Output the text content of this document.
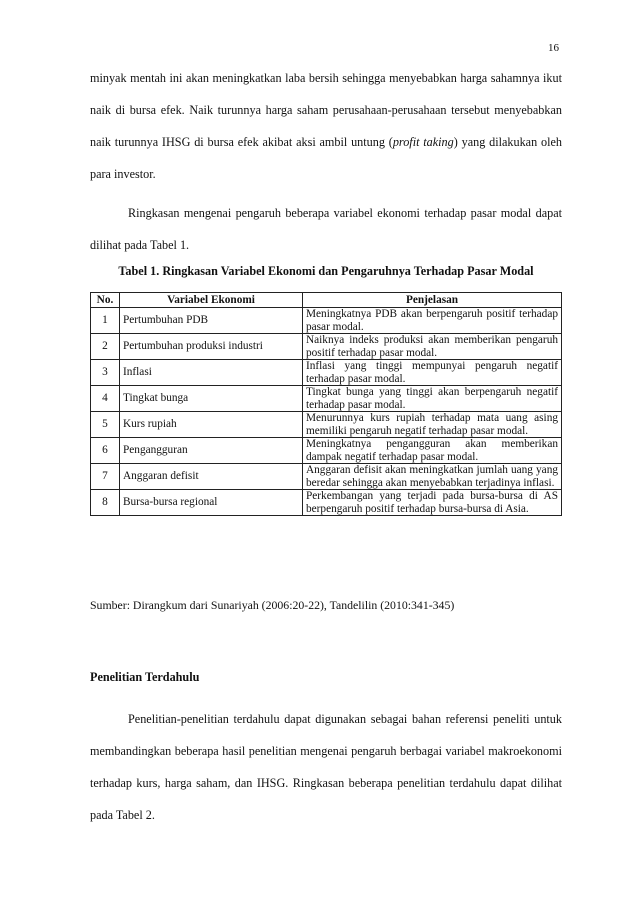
16

minyak mentah ini akan meningkatkan laba bersih sehingga menyebabkan harga sahamnya ikut naik di bursa efek. Naik turunnya harga saham perusahaan-perusahaan tersebut menyebabkan naik turunnya IHSG di bursa efek akibat aksi ambil untung (profit taking) yang dilakukan oleh para investor.

Ringkasan mengenai pengaruh beberapa variabel ekonomi terhadap pasar modal dapat dilihat pada Tabel 1.

Tabel 1. Ringkasan Variabel Ekonomi dan Pengaruhnya Terhadap Pasar Modal

No.	Variabel Ekonomi	Penjelasan
1	Pertumbuhan PDB	Meningkatnya PDB akan berpengaruh positif terhadap pasar modal.
2	Pertumbuhan produksi industri	Naiknya indeks produksi akan memberikan pengaruh positif terhadap pasar modal.
3	Inflasi	Inflasi yang tinggi mempunyai pengaruh negatif terhadap pasar modal.
4	Tingkat bunga	Tingkat bunga yang tinggi akan berpengaruh negatif terhadap pasar modal.
5	Kurs rupiah	Menurunnya kurs rupiah terhadap mata uang asing memiliki pengaruh negatif terhadap pasar modal.
6	Pengangguran	Meningkatnya pengangguran akan memberikan dampak negatif terhadap pasar modal.
7	Anggaran defisit	Anggaran defisit akan meningkatkan jumlah uang yang beredar sehingga akan menyebabkan terjadinya inflasi.
8	Bursa-bursa regional	Perkembangan yang terjadi pada bursa-bursa di AS berpengaruh positif terhadap bursa-bursa di Asia.

Sumber: Dirangkum dari Sunariyah (2006:20-22), Tandelilin (2010:341-345)

Penelitian Terdahulu

Penelitian-penelitian terdahulu dapat digunakan sebagai bahan referensi peneliti untuk membandingkan beberapa hasil penelitian mengenai pengaruh berbagai variabel makroekonomi terhadap kurs, harga saham, dan IHSG. Ringkasan beberapa penelitian terdahulu dapat dilihat pada Tabel 2.
